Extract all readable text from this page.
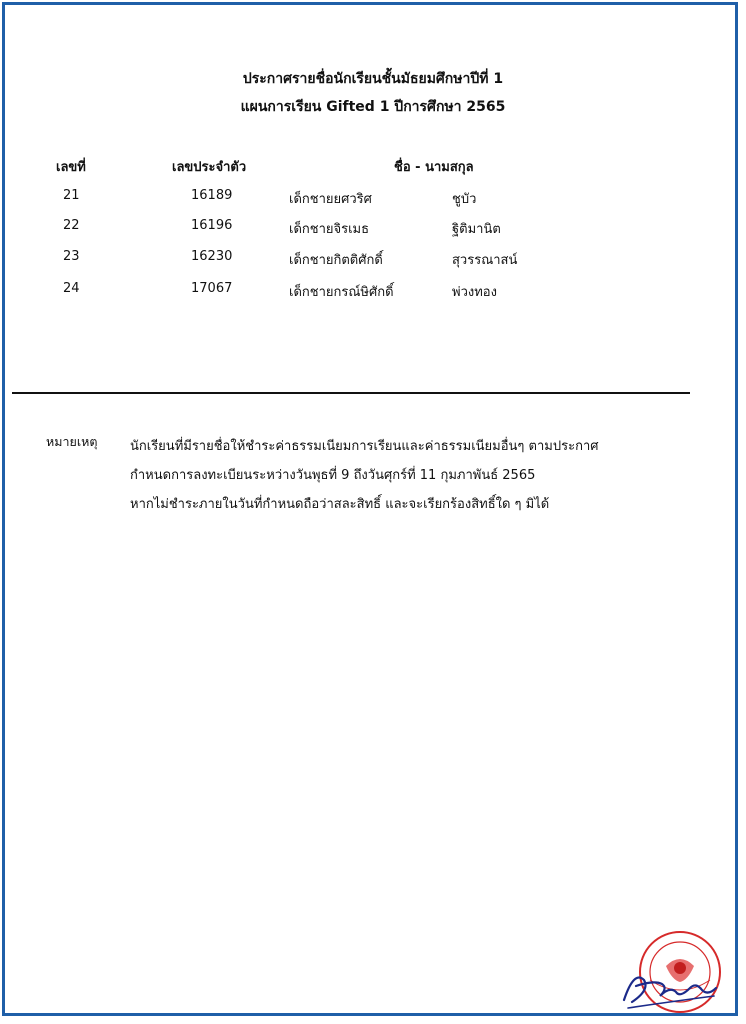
ประกาศรายชื่อนักเรียนชั้นมัธยมศึกษาปีที่ 1
แผนการเรียน Gifted 1 ปีการศึกษา 2565
เลขที่	เลขประจำตัว	ชื่อ - นามสกุล
21	16189	เด็กชายยศวริศ	ชูบัว
22	16196	เด็กชายจิรเมธ	ฐิติมานิต
23	16230	เด็กชายกิตติศักดิ์	สุวรรณาสน์
24	17067	เด็กชายกรณ์ษิศักดิ์	พ่วงทอง
หมายเหตุ	นักเรียนที่มีรายชื่อให้ชำระค่าธรรมเนียมการเรียนและค่าธรรมเนียมอื่นๆ ตามประกาศ
กำหนดการลงทะเบียนระหว่างวันพุธที่ 9 ถึงวันศุกร์ที่ 11 กุมภาพันธ์ 2565
หากไม่ชำระภายในวันที่กำหนดถือว่าสละสิทธิ์ และจะเรียกร้องสิทธิ์ใด ๆ มิได้
